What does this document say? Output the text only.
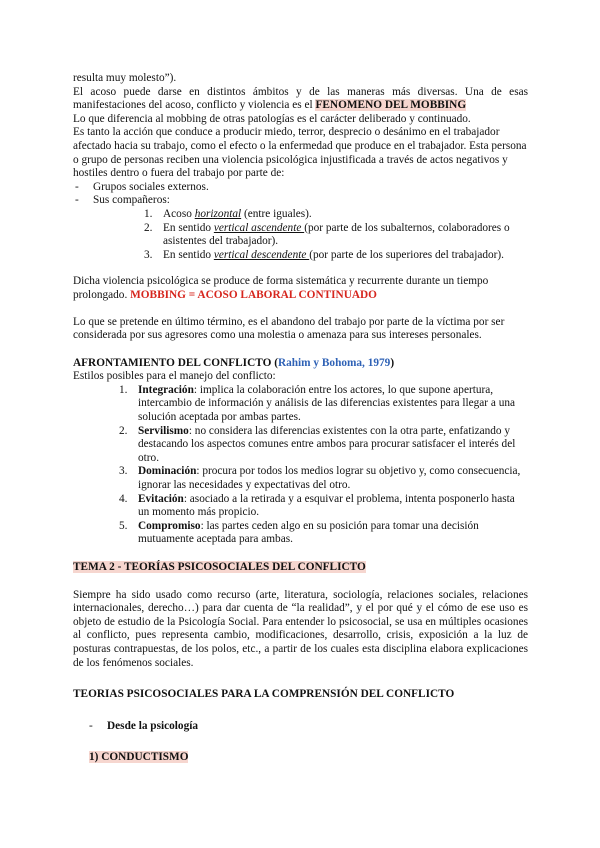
resulta muy molesto”).

El acoso puede darse en distintos ámbitos y de las maneras más diversas. Una de esas manifestaciones del acoso, conflicto y violencia es el FENOMENO DEL MOBBING

Lo que diferencia al mobbing de otras patologías es el carácter deliberado y continuado.

Es tanto la acción que conduce a producir miedo, terror, desprecio o desánimo en el trabajador afectado hacia su trabajo, como el efecto o la enfermedad que produce en el trabajador. Esta persona o grupo de personas reciben una violencia psicológica injustificada a través de actos negativos y hostiles dentro o fuera del trabajo por parte de:

- Grupos sociales externos.
- Sus compañeros:
1. Acoso horizontal (entre iguales).
2. En sentido vertical ascendente (por parte de los subalternos, colaboradores o asistentes del trabajador).
3. En sentido vertical descendente (por parte de los superiores del trabajador).

Dicha violencia psicológica se produce de forma sistemática y recurrente durante un tiempo prolongado. MOBBING = ACOSO LABORAL CONTINUADO

Lo que se pretende en último término, es el abandono del trabajo por parte de la víctima por ser considerada por sus agresores como una molestia o amenaza para sus intereses personales.

AFRONTAMIENTO DEL CONFLICTO (Rahim y Bohoma, 1979)

Estilos posibles para el manejo del conflicto:

1. Integración: implica la colaboración entre los actores, lo que supone apertura, intercambio de información y análisis de las diferencias existentes para llegar a una solución aceptada por ambas partes.
2. Servilismo: no considera las diferencias existentes con la otra parte, enfatizando y destacando los aspectos comunes entre ambos para procurar satisfacer el interés del otro.
3. Dominación: procura por todos los medios lograr su objetivo y, como consecuencia, ignorar las necesidades y expectativas del otro.
4. Evitación: asociado a la retirada y a esquivar el problema, intenta posponerlo hasta un momento más propicio.
5. Compromiso: las partes ceden algo en su posición para tomar una decisión mutuamente aceptada para ambas.

TEMA 2 - TEORÍAS PSICOSOCIALES DEL CONFLICTO

Siempre ha sido usado como recurso (arte, literatura, sociología, relaciones sociales, relaciones internacionales, derecho…) para dar cuenta de “la realidad”, y el por qué y el cómo de ese uso es objeto de estudio de la Psicología Social. Para entender lo psicosocial, se usa en múltiples ocasiones al conflicto, pues representa cambio, modificaciones, desarrollo, crisis, exposición a la luz de posturas contrapuestas, de los polos, etc., a partir de los cuales esta disciplina elabora explicaciones de los fenómenos sociales.

TEORIAS PSICOSOCIALES PARA LA COMPRENSIÓN DEL CONFLICTO

- Desde la psicología

1) CONDUCTISMO
